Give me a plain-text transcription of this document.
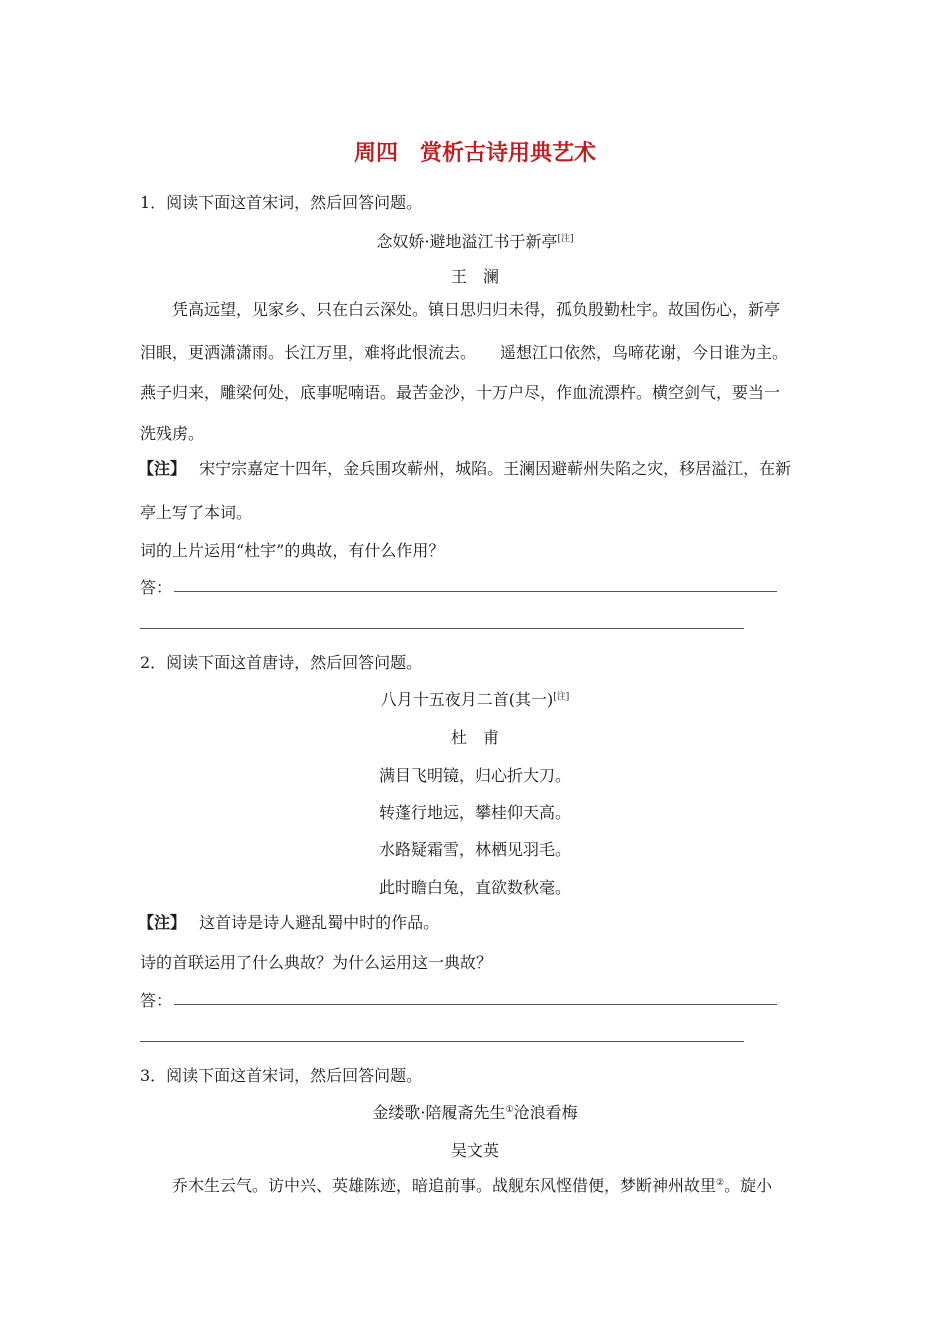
周四　赏析古诗用典艺术
1．阅读下面这首宋词，然后回答问题。
念奴娇·避地溢江书于新亭[注]
王　澜
凭高远望，见家乡、只在白云深处。镇日思归归未得，孤负殷勤杜宇。故国伤心，新亭
泪眼，更洒潇潇雨。长江万里，难将此恨流去。　　遥想江口依然，鸟啼花谢，今日谁为主。
燕子归来，雕梁何处，底事呢喃语。最苦金沙，十万户尽，作血流漂杵。横空剑气，要当一
洗残虏。
【注】 宋宁宗嘉定十四年，金兵围攻蕲州，城陷。王澜因避蕲州失陷之灾，移居溢江，在新
亭上写了本词。
词的上片运用“杜宇”的典故，有什么作用？
答：
2．阅读下面这首唐诗，然后回答问题。
八月十五夜月二首(其一)[注]
杜　甫
满目飞明镜，归心折大刀。
转蓬行地远，攀桂仰天高。
水路疑霜雪，林栖见羽毛。
此时瞻白兔，直欲数秋毫。
【注】 这首诗是诗人避乱蜀中时的作品。
诗的首联运用了什么典故？为什么运用这一典故？
答：
3．阅读下面这首宋词，然后回答问题。
金缕歌·陪履斋先生①沧浪看梅
吴文英
乔木生云气。访中兴、英雄陈迹，暗追前事。战舰东风悭借便，梦断神州故里②。旋小
